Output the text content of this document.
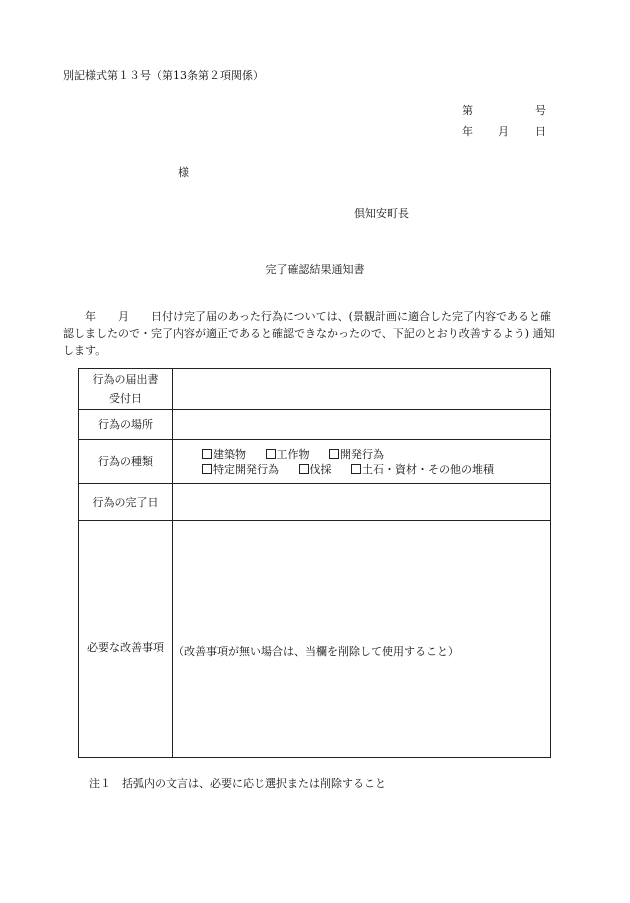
別記様式第１３号（第13条第２項関係）
第	号
年 月 日
様
倶知安町長
完了確認結果通知書
　　年　　月　　日付け完了届のあった行為については、(景観計画に適合した完了内容であると確認しましたので・完了内容が適正であると確認できなかったので、下記のとおり改善するよう) 通知します。
行為の届出書
受付日	

行為の場所	
行為の種類	建築物 工作物 開発行為
特定開発行為 伐採 土石・資材・その他の堆積

行為の完了日	
必要な改善事項	（改善事項が無い場合は、当欄を削除して使用すること）
注１　括弧内の文言は、必要に応じ選択または削除すること
